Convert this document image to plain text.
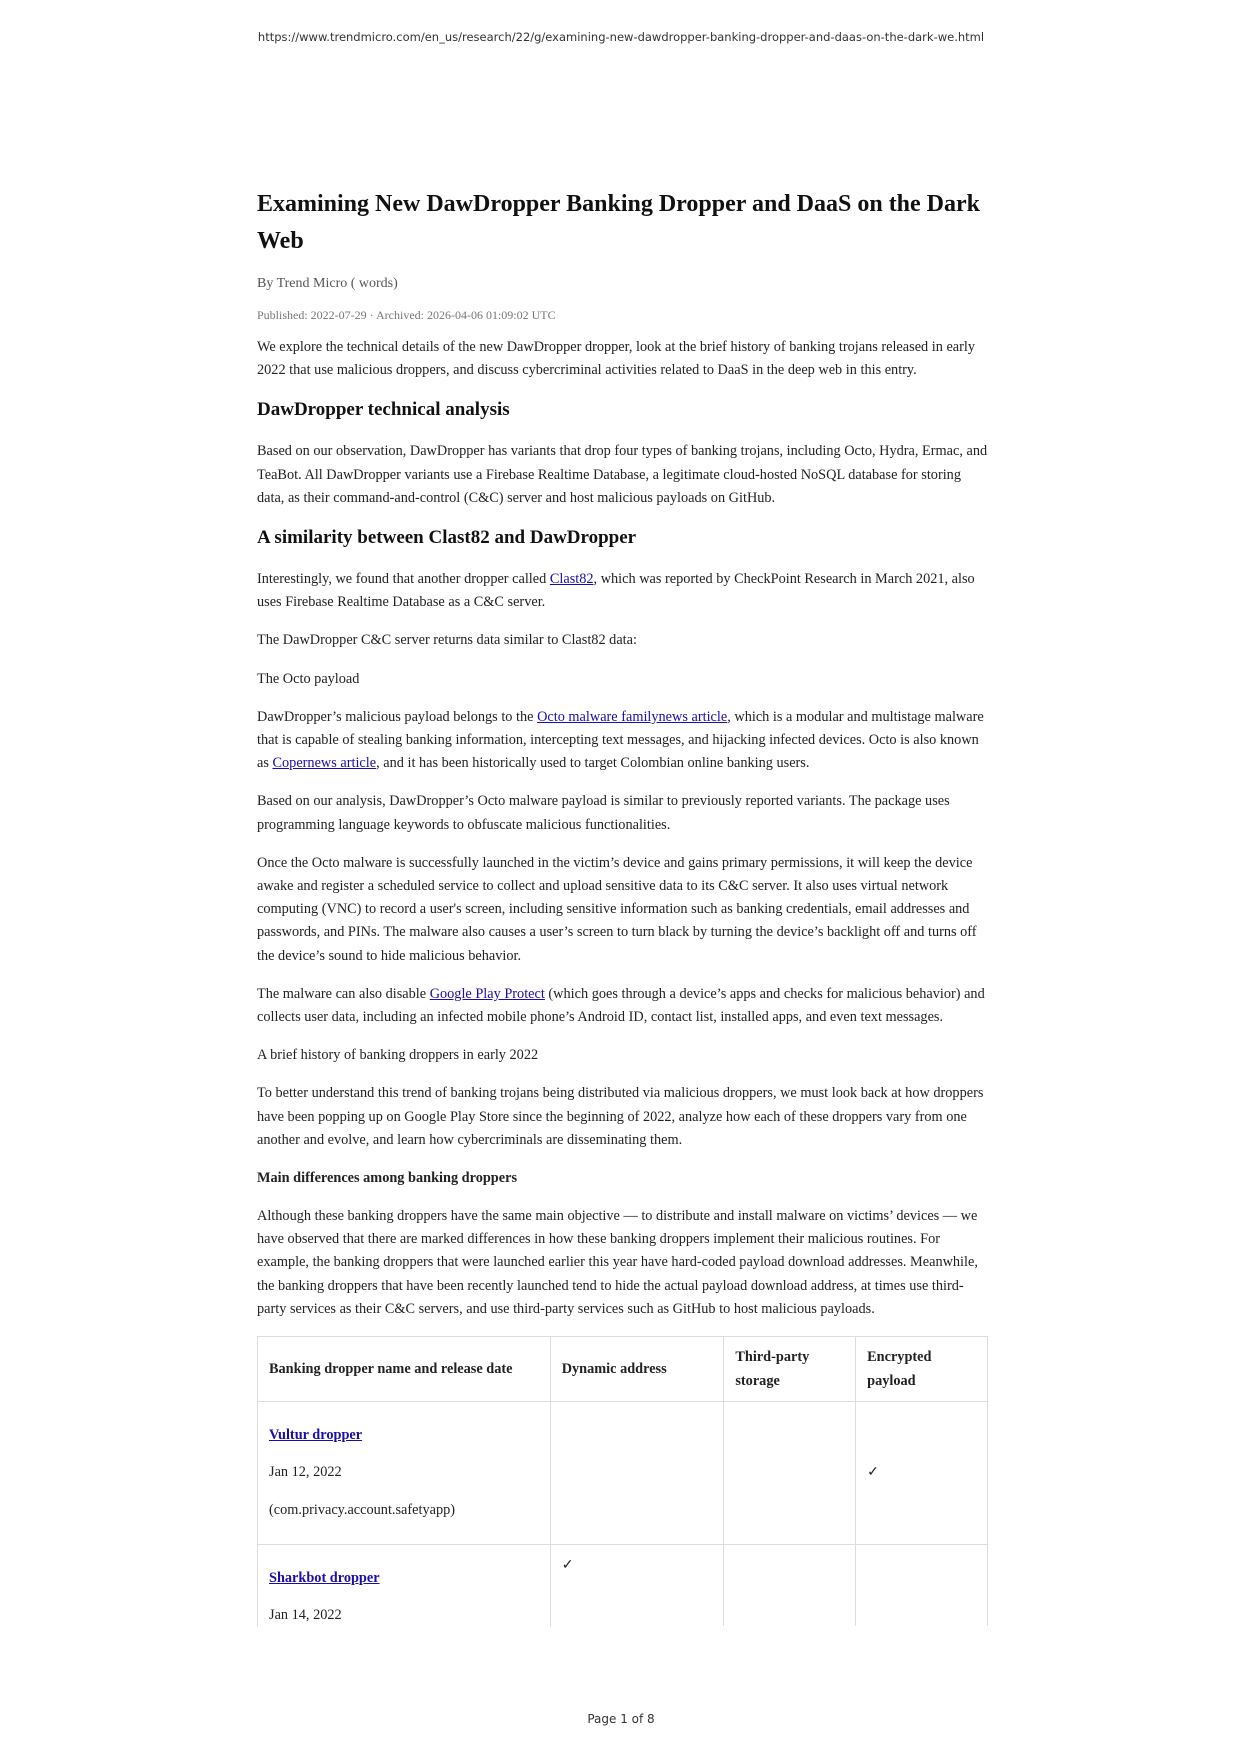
https://www.trendmicro.com/en_us/research/22/g/examining-new-dawdropper-banking-dropper-and-daas-on-the-dark-we.html
Examining New DawDropper Banking Dropper and DaaS on the Dark Web
By Trend Micro ( words)
Published: 2022-07-29 · Archived: 2026-04-06 01:09:02 UTC

We explore the technical details of the new DawDropper dropper, look at the brief history of banking trojans released in early 2022 that use malicious droppers, and discuss cybercriminal activities related to DaaS in the deep web in this entry.

DawDropper technical analysis

Based on our observation, DawDropper has variants that drop four types of banking trojans, including Octo, Hydra, Ermac, and TeaBot. All DawDropper variants use a Firebase Realtime Database, a legitimate cloud-hosted NoSQL database for storing data, as their command-and-control (C&C) server and host malicious payloads on GitHub.

A similarity between Clast82 and DawDropper

Interestingly, we found that another dropper called Clast82, which was reported by CheckPoint Research in March 2021, also uses Firebase Realtime Database as a C&C server.

The DawDropper C&C server returns data similar to Clast82 data:

The Octo payload

DawDropper’s malicious payload belongs to the Octo malware familynews article, which is a modular and multistage malware that is capable of stealing banking information, intercepting text messages, and hijacking infected devices. Octo is also known as Copernews article, and it has been historically used to target Colombian online banking users.

Based on our analysis, DawDropper’s Octo malware payload is similar to previously reported variants. The package uses programming language keywords to obfuscate malicious functionalities.

Once the Octo malware is successfully launched in the victim’s device and gains primary permissions, it will keep the device awake and register a scheduled service to collect and upload sensitive data to its C&C server. It also uses virtual network computing (VNC) to record a user's screen, including sensitive information such as banking credentials, email addresses and passwords, and PINs. The malware also causes a user’s screen to turn black by turning the device’s backlight off and turns off the device’s sound to hide malicious behavior.

The malware can also disable Google Play Protect (which goes through a device’s apps and checks for malicious behavior) and collects user data, including an infected mobile phone’s Android ID, contact list, installed apps, and even text messages.

A brief history of banking droppers in early 2022

To better understand this trend of banking trojans being distributed via malicious droppers, we must look back at how droppers have been popping up on Google Play Store since the beginning of 2022, analyze how each of these droppers vary from one another and evolve, and learn how cybercriminals are disseminating them.

Main differences among banking droppers

Although these banking droppers have the same main objective — to distribute and install malware on victims’ devices — we have observed that there are marked differences in how these banking droppers implement their malicious routines. For example, the banking droppers that were launched earlier this year have hard-coded payload download addresses. Meanwhile, the banking droppers that have been recently launched tend to hide the actual payload download address, at times use third-party services as their C&C servers, and use third-party services such as GitHub to host malicious payloads.

Banking dropper name and release date	Dynamic address	Third-party storage	Encrypted payload

Vultur dropper

Jan 12, 2022

(com.privacy.account.safetyapp)			✓

Sharkbot dropper

Jan 14, 2022	✓		
Page 1 of 8
